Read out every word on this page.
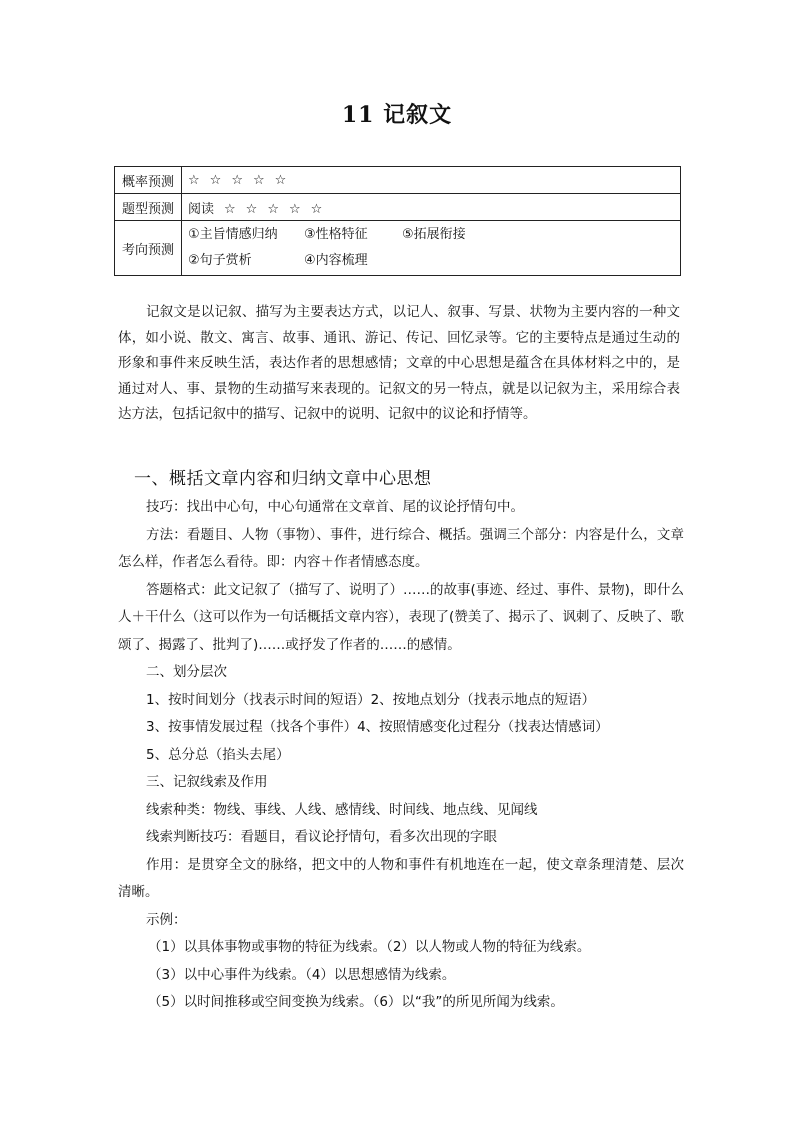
11 记叙文
概率预测	☆ ☆ ☆ ☆ ☆
题型预测	阅读 ☆ ☆ ☆ ☆ ☆
考向预测	①主旨情感归纳 ③性格特征 ⑤拓展衔接
②句子赏析 ④内容梳理

记叙文是以记叙、描写为主要表达方式，以记人、叙事、写景、状物为主要内容的一种文体，如小说、散文、寓言、故事、通讯、游记、传记、回忆录等。它的主要特点是通过生动的形象和事件来反映生活，表达作者的思想感情；文章的中心思想是蕴含在具体材料之中的，是通过对人、事、景物的生动描写来表现的。记叙文的另一特点，就是以记叙为主，采用综合表达方法，包括记叙中的描写、记叙中的说明、记叙中的议论和抒情等。

一、概括文章内容和归纳文章中心思想

技巧：找出中心句，中心句通常在文章首、尾的议论抒情句中。

方法：看题目、人物（事物）、事件，进行综合、概括。强调三个部分：内容是什么，文章怎么样，作者怎么看待。即：内容＋作者情感态度。

答题格式：此文记叙了（描写了、说明了）……的故事(事迹、经过、事件、景物)，即什么人＋干什么（这可以作为一句话概括文章内容），表现了(赞美了、揭示了、讽刺了、反映了、歌颂了、揭露了、批判了)……或抒发了作者的……的感情。

二、划分层次

1、按时间划分（找表示时间的短语）2、按地点划分（找表示地点的短语）

3、按事情发展过程（找各个事件）4、按照情感变化过程分（找表达情感词）

5、总分总（掐头去尾）

三、记叙线索及作用

线索种类：物线、事线、人线、感情线、时间线、地点线、见闻线

线索判断技巧：看题目，看议论抒情句，看多次出现的字眼

作用：是贯穿全文的脉络，把文中的人物和事件有机地连在一起，使文章条理清楚、层次清晰。

示例：

（1）以具体事物或事物的特征为线索。（2）以人物或人物的特征为线索。

（3）以中心事件为线索。（4）以思想感情为线索。

（5）以时间推移或空间变换为线索。（6）以“我”的所见所闻为线索。
